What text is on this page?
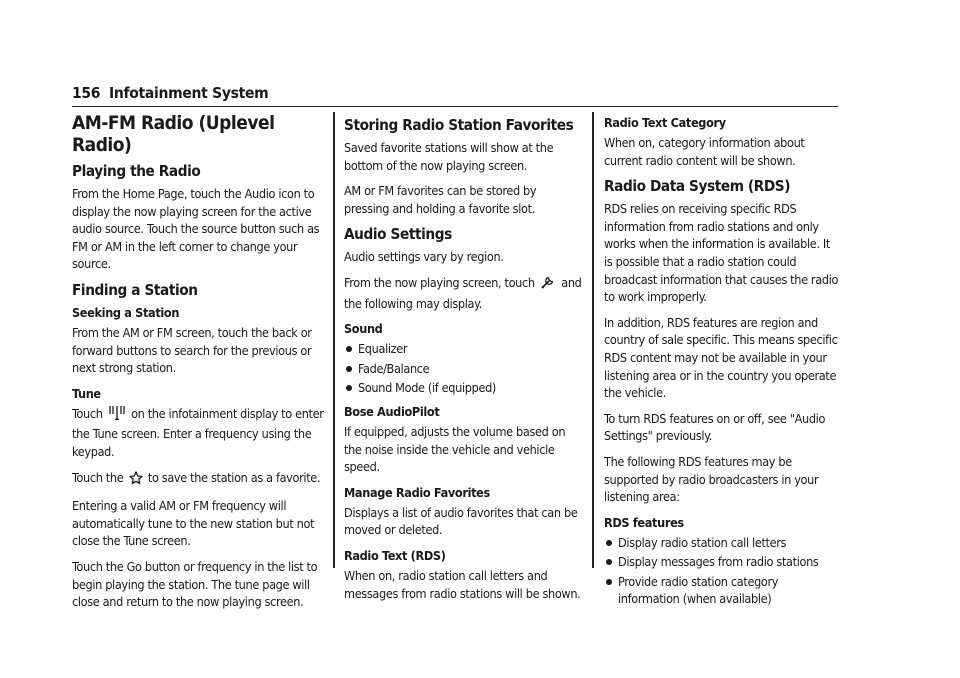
156 Infotainment System
AM-FM Radio (Uplevel Radio)
Playing the Radio

From the Home Page, touch the Audio icon to display the now playing screen for the active audio source. Touch the source button such as FM or AM in the left corner to change your source.

Finding a Station
Seeking a Station

From the AM or FM screen, touch the back or forward buttons to search for the previous or next strong station.

Tune

Touch on the infotainment display to enter the Tune screen. Enter a frequency using the keypad.

Touch the to save the station as a favorite.

Entering a valid AM or FM frequency will automatically tune to the new station but not close the Tune screen.

Touch the Go button or frequency in the list to begin playing the station. The tune page will close and return to the now playing screen.

Storing Radio Station Favorites

Saved favorite stations will show at the bottom of the now playing screen.

AM or FM favorites can be stored by pressing and holding a favorite slot.

Audio Settings

Audio settings vary by region.

From the now playing screen, touch and the following may display.

Sound
Equalizer
Fade/Balance
Sound Mode (if equipped)
Bose AudioPilot

If equipped, adjusts the volume based on the noise inside the vehicle and vehicle speed.

Manage Radio Favorites

Displays a list of audio favorites that can be moved or deleted.

Radio Text (RDS)

When on, radio station call letters and messages from radio stations will be shown.

Radio Text Category

When on, category information about current radio content will be shown.

Radio Data System (RDS)

RDS relies on receiving specific RDS information from radio stations and only works when the information is available. It is possible that a radio station could broadcast information that causes the radio to work improperly.

In addition, RDS features are region and country of sale specific. This means specific RDS content may not be available in your listening area or in the country you operate the vehicle.

To turn RDS features on or off, see "Audio Settings" previously.

The following RDS features may be supported by radio broadcasters in your listening area:

RDS features
Display radio station call letters
Display messages from radio stations
Provide radio station category information (when available)
